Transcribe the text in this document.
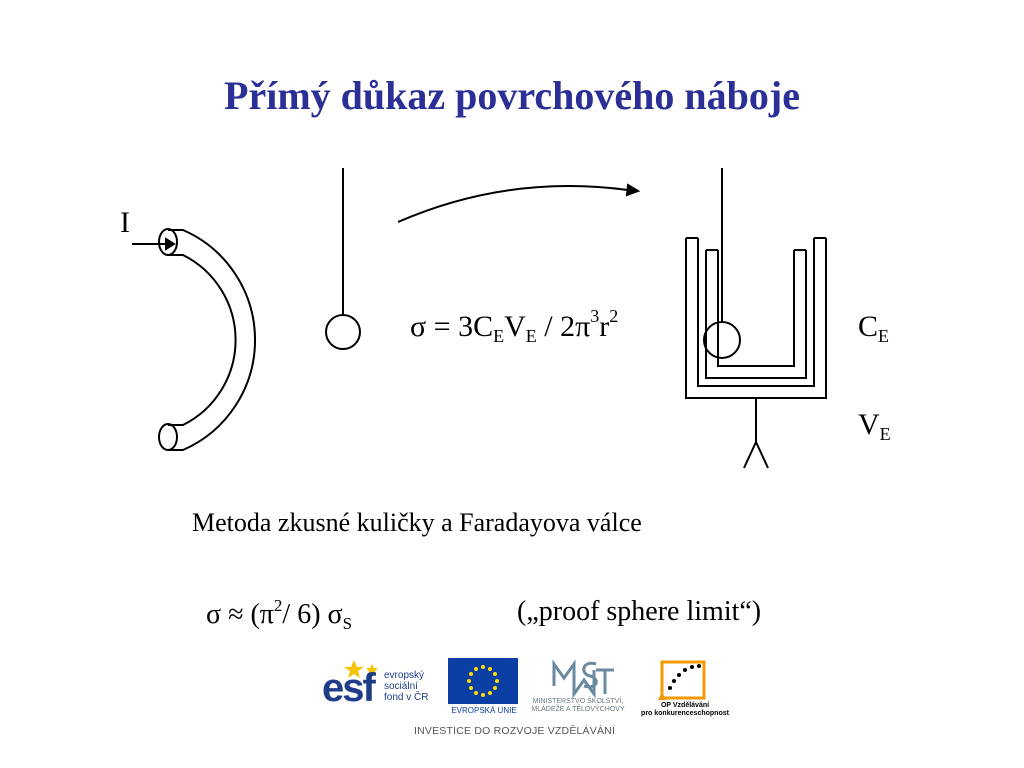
Přímý důkaz povrchového náboje
I
$\sigma = 3C_EV_E / 2\pi^3r^2$	$C_E$
$V_E$
Metoda zkusné kuličky a Faradayova válce
$\sigma \approx (\pi^2/$ 6) $\sigma_S$	(„proof sphere limit“)
esf evropský
sociální
fond v ČR
EVROPSKÁ UNIE
MINISTERSTVO ŠKOLSTVÍ,
MLÁDEŽE A TĚLOVÝCHOVY
OP Vzdělávání
pro konkurenceschopnost
INVESTICE DO ROZVOJE VZDĚLÁVÁNÍ
